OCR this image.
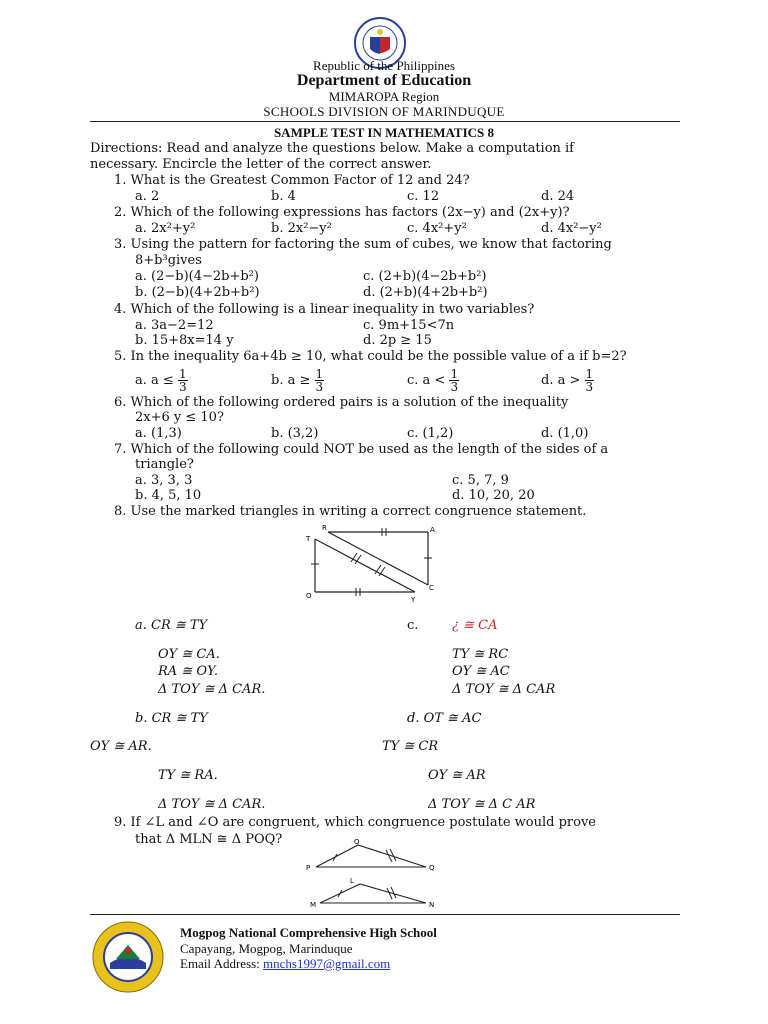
Republic of the Philippines
Department of Education
MIMAROPA Region
SCHOOLS DIVISION OF MARINDUQUE
SAMPLE TEST IN MATHEMATICS 8
Directions: Read and analyze the questions below. Make a computation if
necessary. Encircle the letter of the correct answer.
1. What is the Greatest Common Factor of 12 and 24?
a. 2	b. 4	c. 12	d. 24
2. Which of the following expressions has factors (2x−y) and (2x+y)?
a. 2x²+y²	b. 2x²−y²	c. 4x²+y²	d. 4x²−y²
3. Using the pattern for factoring the sum of cubes, we know that factoring
8+b³gives
a. (2−b)(4−2b+b²)	c. (2+b)(4−2b+b²)
b. (2−b)(4+2b+b²)	d. (2+b)(4+2b+b²)
4. Which of the following is a linear inequality in two variables?
a. 3a−2=12	c. 9m+15<7n
b. 15+8x=14 y	d. 2p ≥ 15
5. In the inequality 6a+4b ≥ 10, what could be the possible value of a if b=2?
a. $a \le \frac{1}{3}$	b. $a \ge \frac{1}{3}$	c. $a < \frac{1}{3}$	d. $a > \frac{1}{3}$
6. Which of the following ordered pairs is a solution of the inequality
2x+6 y ≤ 10?
a. (1,3)	b. (3,2)	c. (1,2)	d. (1,0)
7. Which of the following could NOT be used as the length of the sides of a
triangle?
a. 3, 3, 3	c. 5, 7, 9
b. 4, 5, 10	d. 10, 20, 20
8. Use the marked triangles in writing a correct congruence statement.
R	A
T
C
O	Y
a. CR ≅ TY	c.	¿ ≅ CA
OY ≅ CA.	TY ≅ RC
RA ≅ OY.	OY ≅ AC
Δ TOY ≅ Δ CAR.	Δ TOY ≅ Δ CAR
b. CR ≅ TY	d. OT ≅ AC
OY ≅ AR.	TY ≅ CR
TY ≅ RA.	OY ≅ AR
Δ TOY ≅ Δ CAR.	Δ TOY ≅ Δ C AR
9. If ∠L and ∠O are congruent, which congruence postulate would prove
that Δ MLN ≅ Δ POQ?	O
P	Q
L
M	N
Mogpog National Comprehensive High School
Capayang, Mogpog, Marinduque
Email Address: mnchs1997@gmail.com
